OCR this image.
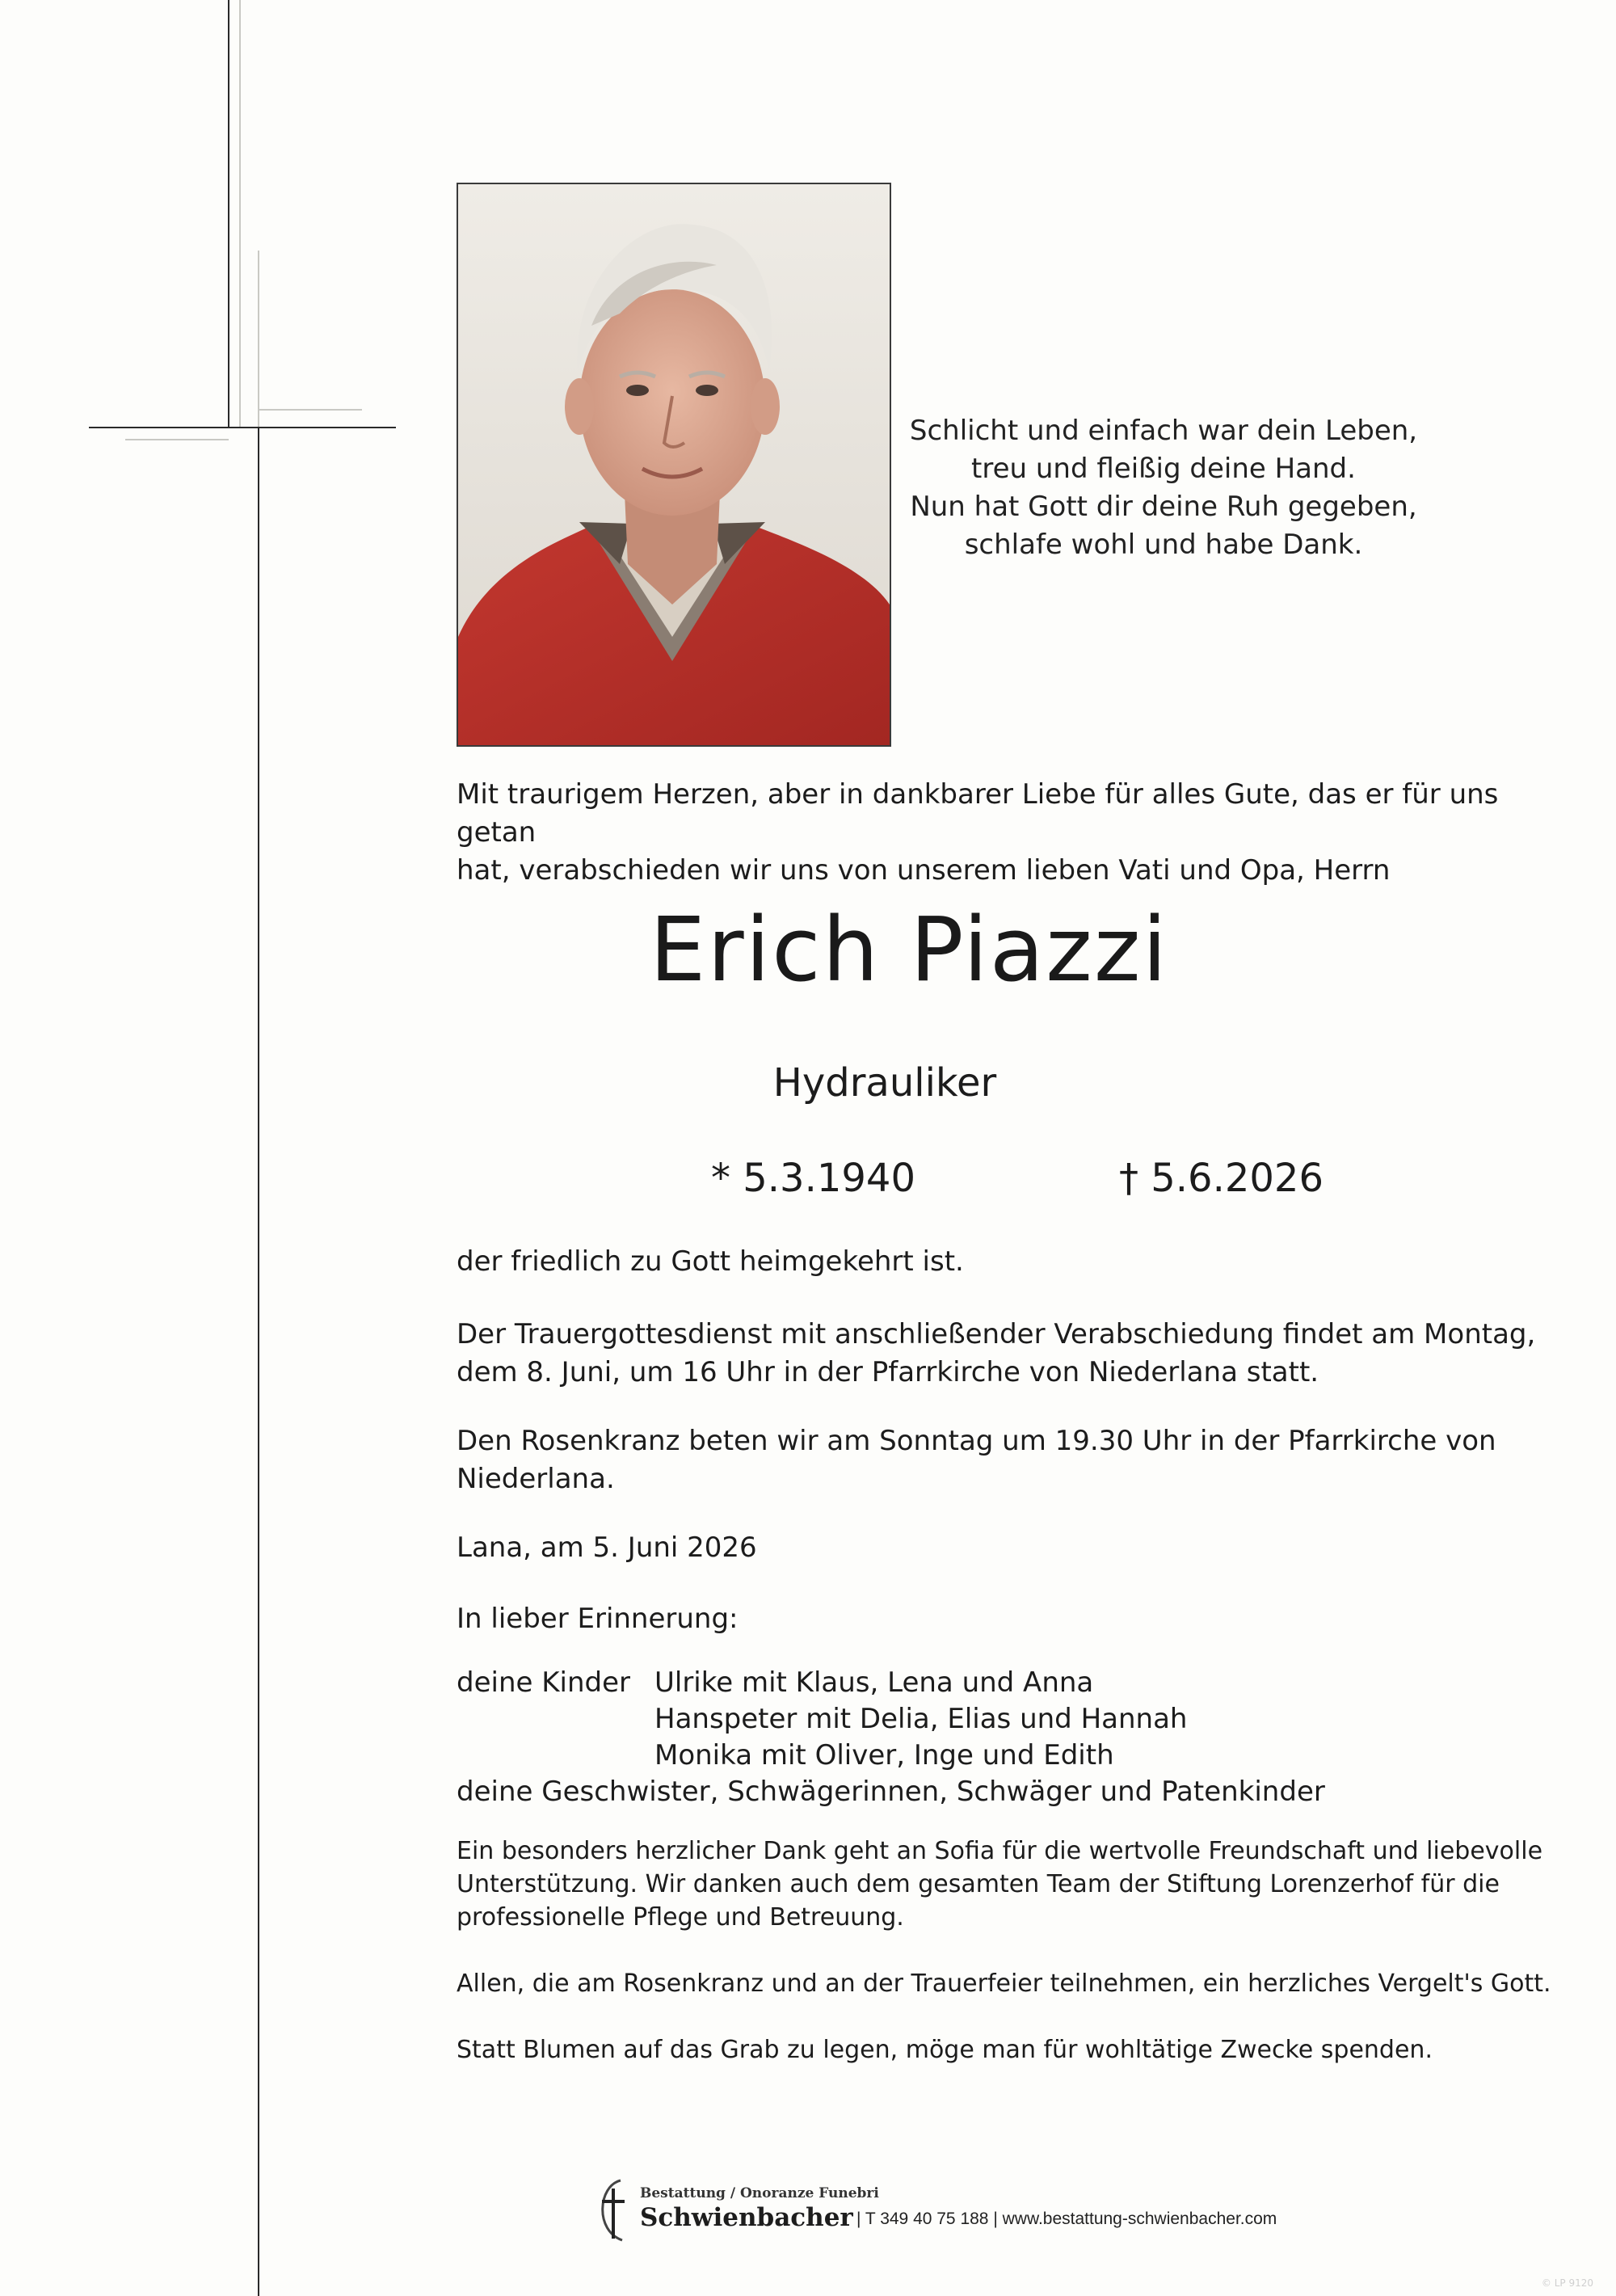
Schlicht und einfach war dein Leben,
treu und fleißig deine Hand.
Nun hat Gott dir deine Ruh gegeben,
schlafe wohl und habe Dank.
Mit traurigem Herzen, aber in dankbarer Liebe für alles Gute, das er für uns getan
hat, verabschieden wir uns von unserem lieben Vati und Opa, Herrn
Erich Piazzi
Hydrauliker
* 5.3.1940	† 5.6.2026
der friedlich zu Gott heimgekehrt ist.
Der Trauergottesdienst mit anschließender Verabschiedung findet am Montag,
dem 8. Juni, um 16 Uhr in der Pfarrkirche von Niederlana statt.
Den Rosenkranz beten wir am Sonntag um 19.30 Uhr in der Pfarrkirche von
Niederlana.
Lana, am 5. Juni 2026
In lieber Erinnerung:
deine Kinder Ulrike mit Klaus, Lena und Anna
Hanspeter mit Delia, Elias und Hannah
Monika mit Oliver, Inge und Edith
deine Geschwister, Schwägerinnen, Schwäger und Patenkinder
Ein besonders herzlicher Dank geht an Sofia für die wertvolle Freundschaft und liebevolle
Unterstützung. Wir danken auch dem gesamten Team der Stiftung Lorenzerhof für die
professionelle Pflege und Betreuung.
Allen, die am Rosenkranz und an der Trauerfeier teilnehmen, ein herzliches Vergelt's Gott.
Statt Blumen auf das Grab zu legen, möge man für wohltätige Zwecke spenden.
Bestattung / Onoranze Funebri
Schwienbacher | T 349 40 75 188 | www.bestattung-schwienbacher.com
© LP 9120
